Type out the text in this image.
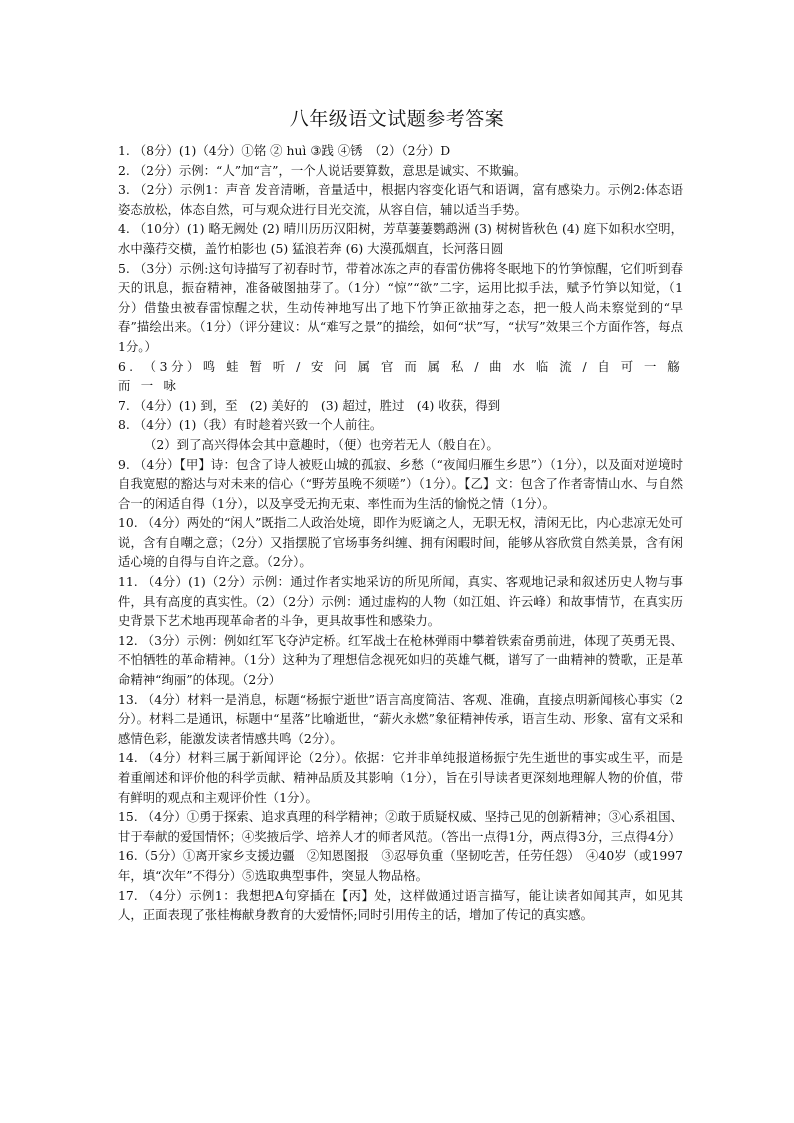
八年级语文试题参考答案

1. （8分）(1)（4分）①铭 ② huì ③践 ④锈　（2）（2分）D

2. （2分）示例：“人”加“言”，一个人说话要算数，意思是诚实、不欺骗。

3. （2分）示例1：声音 发音清晰，音量适中，根据内容变化语气和语调，富有感染力。示例2:体态语　姿态放松，体态自然，可与观众进行目光交流，从容自信，辅以适当手势。

4. （10分）(1) 略无阙处 (2) 晴川历历汉阳树，芳草萋萋鹦鹉洲 (3) 树树皆秋色 (4) 庭下如积水空明，水中藻荇交横，盖竹柏影也 (5) 猛浪若奔 (6) 大漠孤烟直，长河落日圆

5. （3分）示例:这句诗描写了初春时节，带着冰冻之声的春雷仿佛将冬眠地下的竹笋惊醒，它们听到春天的讯息，振奋精神，准备破图抽芽了。（1分）“惊”“欲”二字，运用比拟手法，赋予竹笋以知觉，（1分）借蛰虫被春雷惊醒之状，生动传神地写出了地下竹笋正欲抽芽之态，把一般人尚未察觉到的“早春”描绘出来。（1分）（评分建议：从“难写之景”的描绘，如何“状”写，“状写”效果三个方面作答，每点1分。）

6. （3分）鸣 蛙 暂 听 / 安 问 属 官 而 属 私 / 曲 水 临 流 / 自 可 一 觞 而 一 咏

7. （4分）(1) 到，至　(2) 美好的　(3) 超过，胜过　(4) 收获，得到

8. （4分）(1)（我）有时趁着兴致一个人前往。

（2）到了高兴得体会其中意趣时，（便）也旁若无人（般自在）。

9. （4分）【甲】诗：包含了诗人被贬山城的孤寂、乡愁（“夜闻归雁生乡思”）（1分），以及面对逆境时自我宽慰的豁达与对未来的信心（“野芳虽晚不须嗟”）（1分）。【乙】文：包含了作者寄情山水、与自然合一的闲适自得（1分），以及享受无拘无束、率性而为生活的愉悦之情（1分）。

10. （4分）两处的“闲人”既指二人政治处境，即作为贬谪之人，无职无权，清闲无比，内心悲凉无处可说，含有自嘲之意；（2分）又指摆脱了官场事务纠缠、拥有闲暇时间，能够从容欣赏自然美景，含有闲适心境的自得与自许之意。（2分）。

11. （4分）(1)（2分）示例：通过作者实地采访的所见所闻，真实、客观地记录和叙述历史人物与事件，具有高度的真实性。（2）（2分）示例：通过虚构的人物（如江姐、许云峰）和故事情节，在真实历史背景下艺术地再现革命者的斗争，更具故事性和感染力。

12. （3分）示例：例如红军飞夺泸定桥。红军战士在枪林弹雨中攀着铁索奋勇前进，体现了英勇无畏、不怕牺牲的革命精神。（1分）这种为了理想信念视死如归的英雄气概，谱写了一曲精神的赞歌，正是革命精神“绚丽”的体现。（2分）

13. （4分）材料一是消息，标题“杨振宁逝世”语言高度简洁、客观、准确，直接点明新闻核心事实（2分）。材料二是通讯，标题中“星落”比喻逝世，“薪火永燃”象征精神传承，语言生动、形象、富有文采和感情色彩，能激发读者情感共鸣（2分）。

14. （4分）材料三属于新闻评论（2分）。依据：它并非单纯报道杨振宁先生逝世的事实或生平，而是着重阐述和评价他的科学贡献、精神品质及其影响（1分），旨在引导读者更深刻地理解人物的价值，带有鲜明的观点和主观评价性（1分）。

15. （4分）①勇于探索、追求真理的科学精神；②敢于质疑权威、坚持己见的创新精神；③心系祖国、甘于奉献的爱国情怀；④奖掖后学、培养人才的师者风范。（答出一点得1分，两点得3分，三点得4分）

16.（5分）①离开家乡支援边疆　②知恩图报　③忍辱负重（坚韧吃苦，任劳任怨）　④40岁（或1997年，填“次年”不得分）⑤选取典型事件，突显人物品格。

17. （4分）示例1：我想把A句穿插在【丙】处，这样做通过语言描写，能让读者如闻其声，如见其人，正面表现了张桂梅献身教育的大爱情怀;同时引用传主的话，增加了传记的真实感。
